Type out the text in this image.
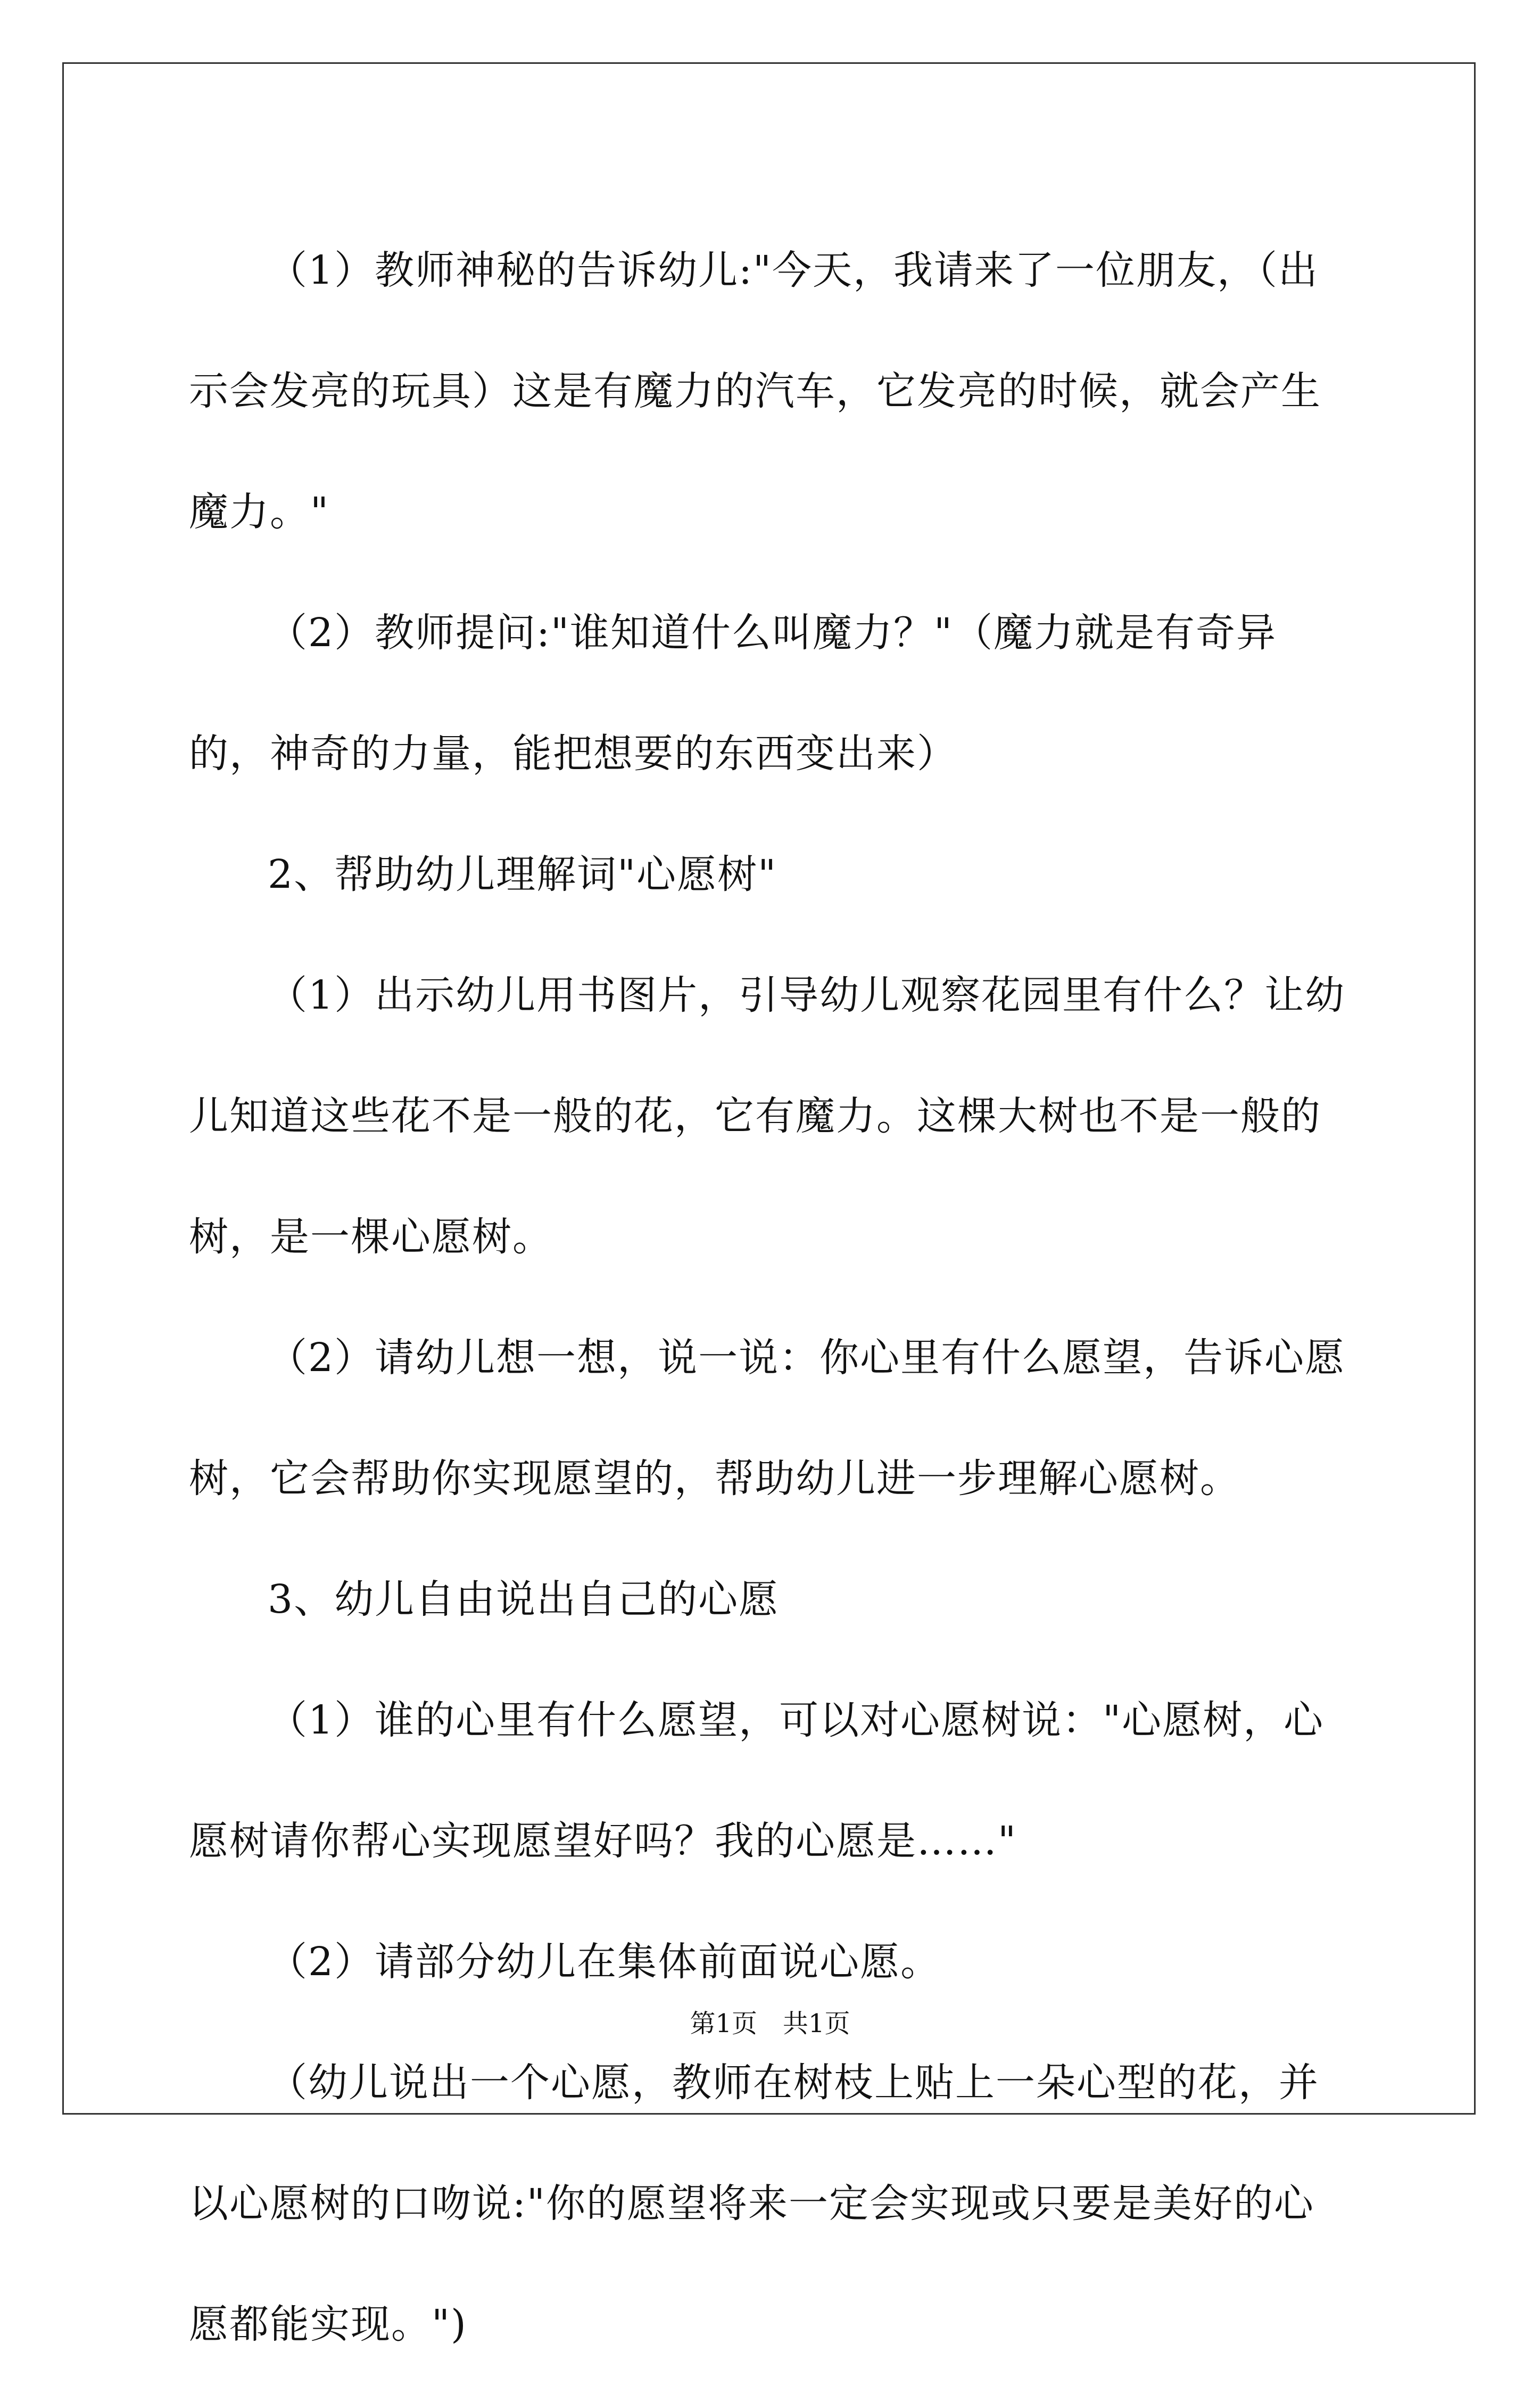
（1）教师神秘的告诉幼儿:"今天，我请来了一位朋友，（出示会发亮的玩具）这是有魔力的汽车，它发亮的时候，就会产生魔力。"

（2）教师提问:"谁知道什么叫魔力？"（魔力就是有奇异的，神奇的力量，能把想要的东西变出来）

2、帮助幼儿理解词"心愿树"

（1）出示幼儿用书图片，引导幼儿观察花园里有什么？让幼儿知道这些花不是一般的花，它有魔力。这棵大树也不是一般的树，是一棵心愿树。

（2）请幼儿想一想，说一说：你心里有什么愿望，告诉心愿树，它会帮助你实现愿望的，帮助幼儿进一步理解心愿树。

3、幼儿自由说出自己的心愿

（1）谁的心里有什么愿望，可以对心愿树说："心愿树，心愿树请你帮心实现愿望好吗？我的心愿是……"

（2）请部分幼儿在集体前面说心愿。

（幼儿说出一个心愿，教师在树枝上贴上一朵心型的花，并以心愿树的口吻说:"你的愿望将来一定会实现或只要是美好的心愿都能实现。")

第1页 共1页
